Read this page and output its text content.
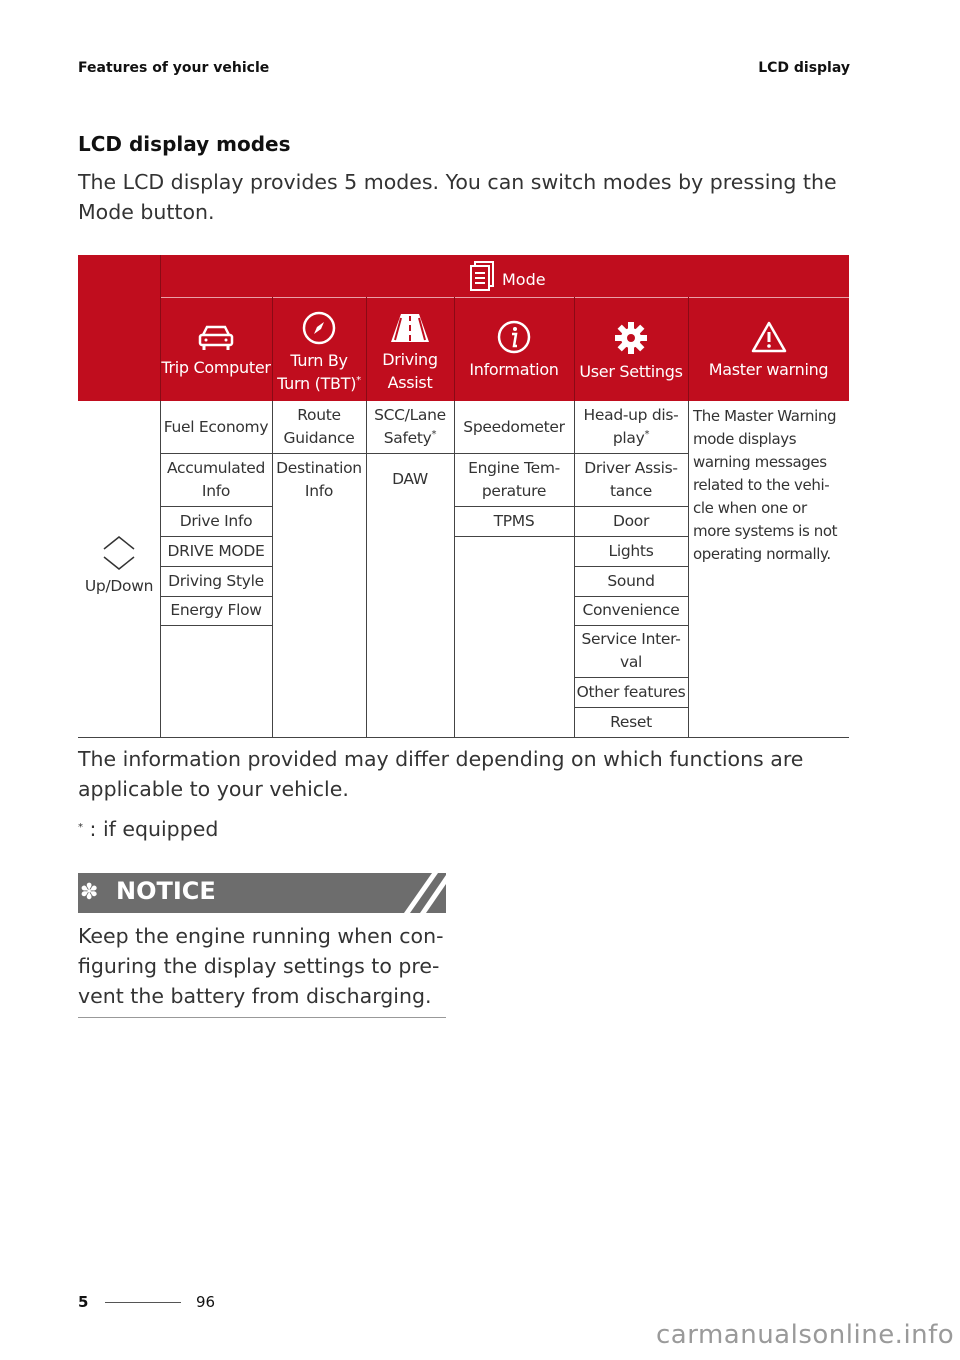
Features of your vehicle	LCD display
LCD display modes
The LCD display provides 5 modes. You can switch modes by pressing the
Mode button.
Mode
Trip Computer Turn By
Turn (TBT)*
Driving
Assist
Information User Settings Master warning
Up/Down
Fuel Economy
Accumulated
Info
Drive Info
DRIVE MODE
Driving Style
Energy Flow
Route
Guidance
Destination
Info
SCC/Lane
Safety*
DAW
Speedometer
Engine Tem-
perature
TPMS
Head-up dis-
play*
Driver Assis-
tance
Door
Lights
Sound
Convenience
Service Inter-
val
Other features
Reset
The Master Warning
mode displays
warning messages
related to the vehi-
cle when one or
more systems is not
operating normally.
The information provided may differ depending on which functions are
applicable to your vehicle.
* : if equipped
✽ NOTICE
Keep the engine running when con-
figuring the display settings to pre-
vent the battery from discharging.
5	96
carmanualsonline.info
